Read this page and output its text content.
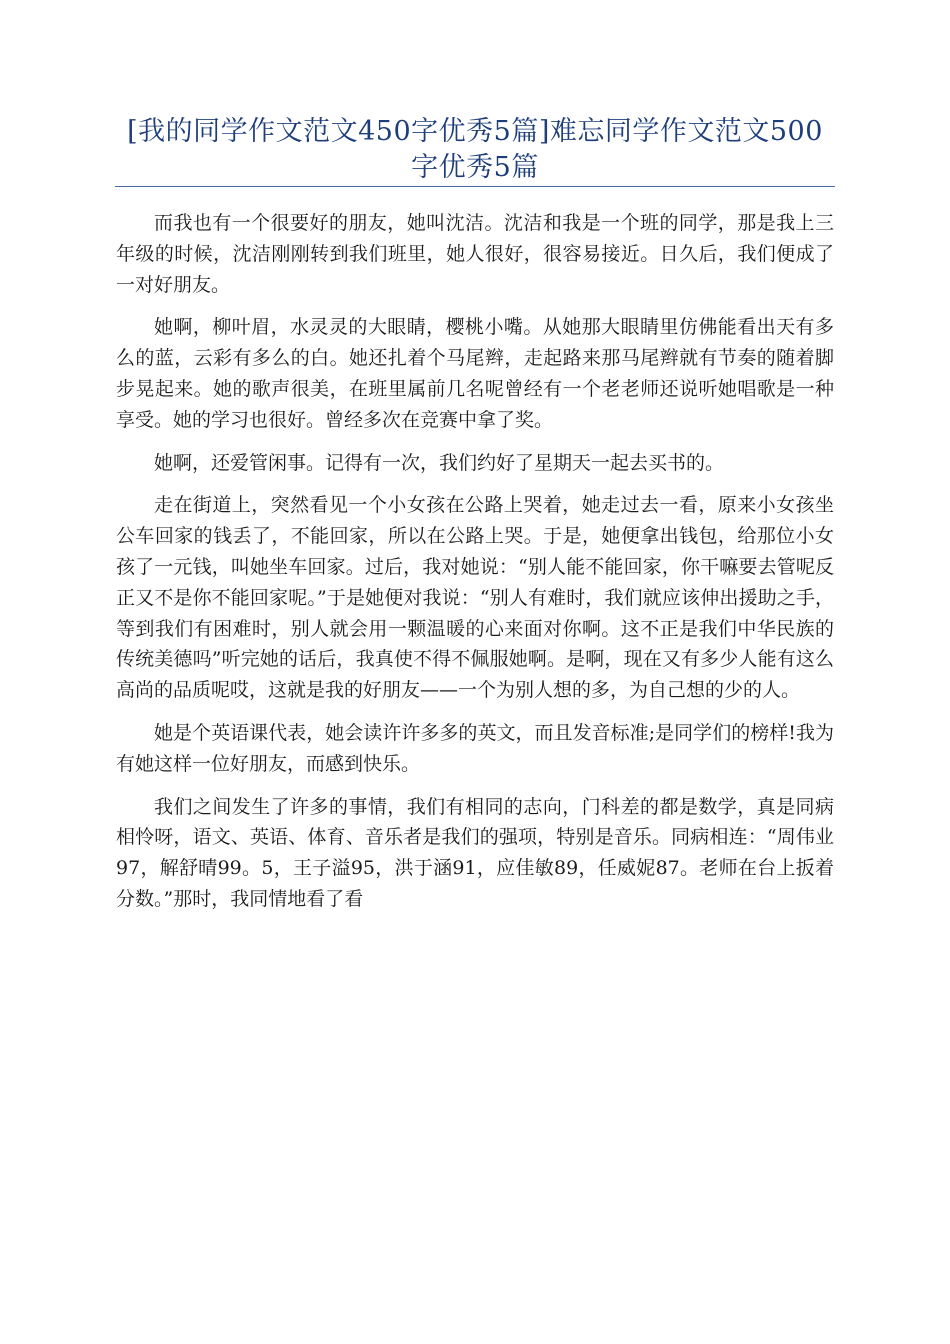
[我的同学作文范文450字优秀5篇]难忘同学作文范文500字优秀5篇

而我也有一个很要好的朋友，她叫沈洁。沈洁和我是一个班的同学，那是我上三年级的时候，沈洁刚刚转到我们班里，她人很好，很容易接近。日久后，我们便成了一对好朋友。

她啊，柳叶眉，水灵灵的大眼睛，樱桃小嘴。从她那大眼睛里仿佛能看出天有多么的蓝，云彩有多么的白。她还扎着个马尾辫，走起路来那马尾辫就有节奏的随着脚步晃起来。她的歌声很美，在班里属前几名呢曾经有一个老老师还说听她唱歌是一种享受。她的学习也很好。曾经多次在竞赛中拿了奖。

她啊，还爱管闲事。记得有一次，我们约好了星期天一起去买书的。

走在街道上，突然看见一个小女孩在公路上哭着，她走过去一看，原来小女孩坐公车回家的钱丢了，不能回家，所以在公路上哭。于是，她便拿出钱包，给那位小女孩了一元钱，叫她坐车回家。过后，我对她说：“别人能不能回家，你干嘛要去管呢反正又不是你不能回家呢。”于是她便对我说：“别人有难时，我们就应该伸出援助之手，等到我们有困难时，别人就会用一颗温暖的心来面对你啊。这不正是我们中华民族的传统美德吗”听完她的话后，我真使不得不佩服她啊。是啊，现在又有多少人能有这么高尚的品质呢哎，这就是我的好朋友——一个为别人想的多，为自己想的少的人。

她是个英语课代表，她会读许许多多的英文，而且发音标准;是同学们的榜样!我为有她这样一位好朋友，而感到快乐。

我们之间发生了许多的事情，我们有相同的志向，门科差的都是数学，真是同病相怜呀，语文、英语、体育、音乐者是我们的强项，特别是音乐。同病相连：“周伟业97，解舒晴99。5，王子溢95，洪于涵91，应佳敏89，任威妮87。老师在台上扳着分数。”那时，我同情地看了看
